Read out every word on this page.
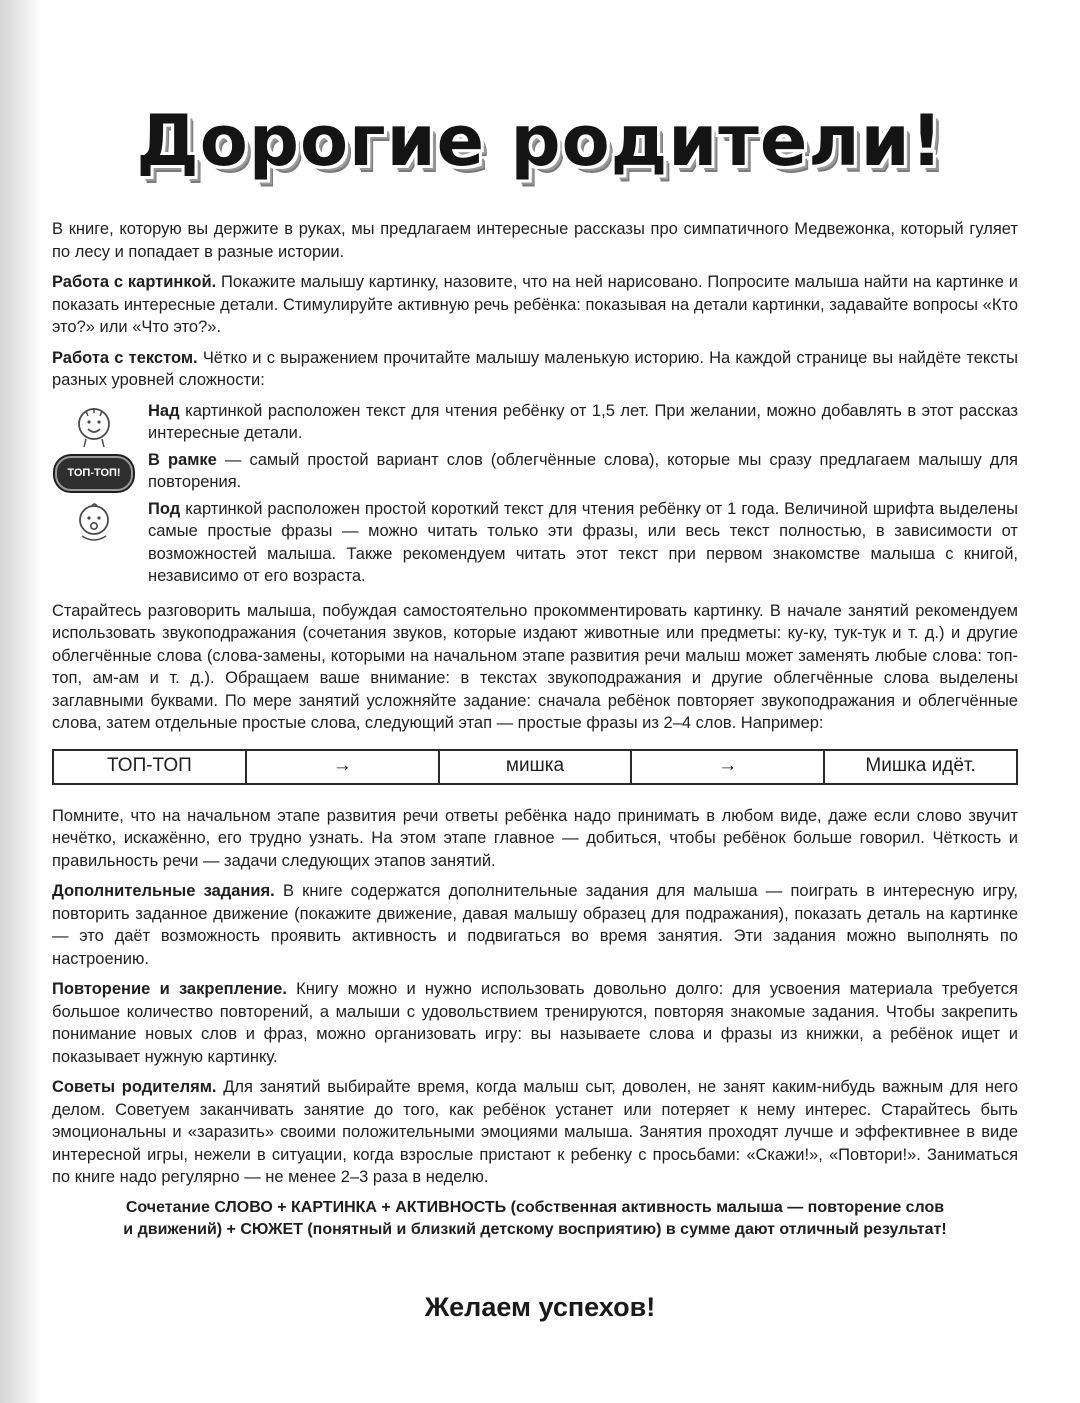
Дорогие родители!

В книге, которую вы держите в руках, мы предлагаем интересные рассказы про симпатичного Медвежонка, который гуляет по лесу и попадает в разные истории.

Работа с картинкой. Покажите малышу картинку, назовите, что на ней нарисовано. Попросите малыша найти на картинке и показать интересные детали. Стимулируйте активную речь ребёнка: показывая на детали картинки, задавайте вопросы «Кто это?» или «Что это?».

Работа с текстом. Чётко и с выражением прочитайте малышу маленькую историю. На каждой странице вы найдёте тексты разных уровней сложности:

Над картинкой расположен текст для чтения ребёнку от 1,5 лет. При желании, можно добавлять в этот рассказ интересные детали.
ТОП-ТОП!
В рамке — самый простой вариант слов (облегчённые слова), которые мы сразу предлагаем малышу для повторения.
Под картинкой расположен простой короткий текст для чтения ребёнку от 1 года. Величиной шрифта выделены самые простые фразы — можно читать только эти фразы, или весь текст полностью, в зависимости от возможностей малыша. Также рекомендуем читать этот текст при первом знакомстве малыша с книгой, независимо от его возраста.

Старайтесь разговорить малыша, побуждая самостоятельно прокомментировать картинку. В начале занятий рекомендуем использовать звукоподражания (сочетания звуков, которые издают животные или предметы: ку-ку, тук-тук и т. д.) и другие облегчённые слова (слова-замены, которыми на начальном этапе развития речи малыш может заменять любые слова: топ-топ, ам-ам и т. д.). Обращаем ваше внимание: в текстах звукоподражания и другие облегчённые слова выделены заглавными буквами. По мере занятий усложняйте задание: сначала ребёнок повторяет звукоподражания и облегчённые слова, затем отдельные простые слова, следующий этап — простые фразы из 2–4 слов. Например:

ТОП-ТОП	→	мишка	→	Мишка идёт.

Помните, что на начальном этапе развития речи ответы ребёнка надо принимать в любом виде, даже если слово звучит нечётко, искажённо, его трудно узнать. На этом этапе главное — добиться, чтобы ребёнок больше говорил. Чёткость и правильность речи — задачи следующих этапов занятий.

Дополнительные задания. В книге содержатся дополнительные задания для малыша — поиграть в интересную игру, повторить заданное движение (покажите движение, давая малышу образец для подражания), показать деталь на картинке — это даёт возможность проявить активность и подвигаться во время занятия. Эти задания можно выполнять по настроению.

Повторение и закрепление. Книгу можно и нужно использовать довольно долго: для усвоения материала требуется большое количество повторений, а малыши с удовольствием тренируются, повторяя знакомые задания. Чтобы закрепить понимание новых слов и фраз, можно организовать игру: вы называете слова и фразы из книжки, а ребёнок ищет и показывает нужную картинку.

Советы родителям. Для занятий выбирайте время, когда малыш сыт, доволен, не занят каким-нибудь важным для него делом. Советуем заканчивать занятие до того, как ребёнок устанет или потеряет к нему интерес. Старайтесь быть эмоциональны и «заразить» своими положительными эмоциями малыша. Занятия проходят лучше и эффективнее в виде интересной игры, нежели в ситуации, когда взрослые пристают к ребенку с просьбами: «Скажи!», «Повтори!». Заниматься по книге надо регулярно — не менее 2–3 раза в неделю.

Сочетание СЛОВО + КАРТИНКА + АКТИВНОСТЬ (собственная активность малыша — повторение слов
и движений) + СЮЖЕТ (понятный и близкий детскому восприятию) в сумме дают отличный результат!
Желаем успехов!
